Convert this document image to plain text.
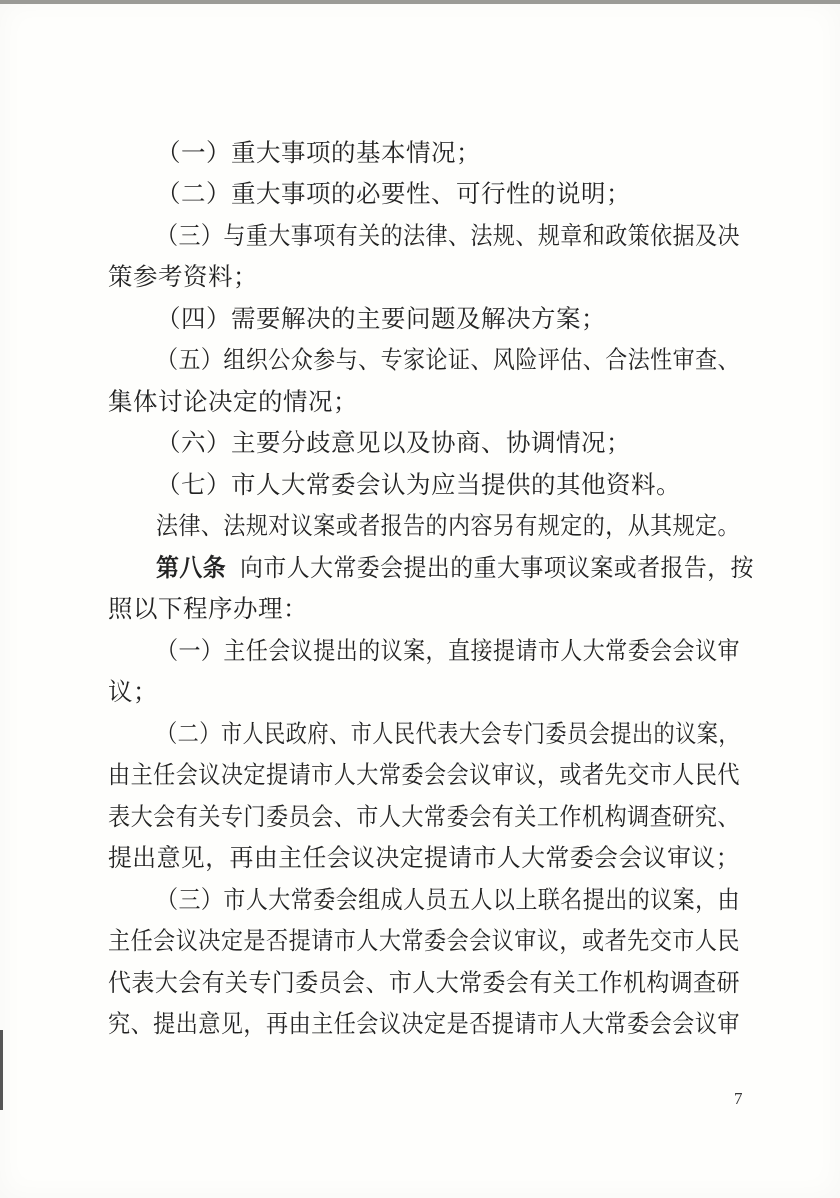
（一）重大事项的基本情况；
（二）重大事项的必要性、可行性的说明；
（三）与重大事项有关的法律、法规、规章和政策依据及决
策参考资料；
（四）需要解决的主要问题及解决方案；
（五）组织公众参与、专家论证、风险评估、合法性审查、
集体讨论决定的情况；
（六）主要分歧意见以及协商、协调情况；
（七）市人大常委会认为应当提供的其他资料。
法律、法规对议案或者报告的内容另有规定的，从其规定。
第八条 向市人大常委会提出的重大事项议案或者报告，按
照以下程序办理：
（一）主任会议提出的议案，直接提请市人大常委会会议审
议；
（二）市人民政府、市人民代表大会专门委员会提出的议案，
由主任会议决定提请市人大常委会会议审议，或者先交市人民代
表大会有关专门委员会、市人大常委会有关工作机构调查研究、
提出意见，再由主任会议决定提请市人大常委会会议审议；
（三）市人大常委会组成人员五人以上联名提出的议案，由
主任会议决定是否提请市人大常委会会议审议，或者先交市人民
代表大会有关专门委员会、市人大常委会有关工作机构调查研
究、提出意见，再由主任会议决定是否提请市人大常委会会议审
7
